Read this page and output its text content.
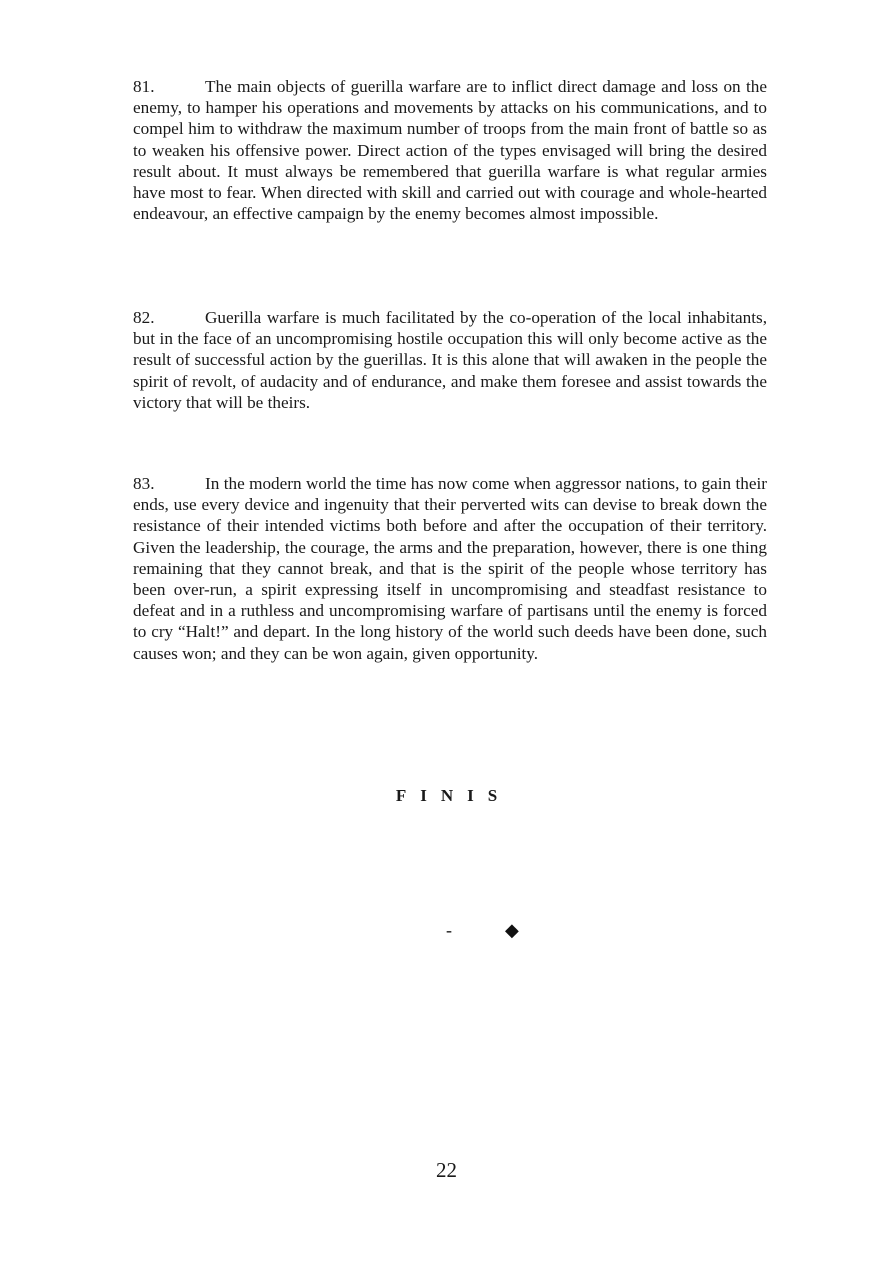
81.	The main objects of guerilla warfare are to inflict direct damage and loss on the enemy, to hamper his operations and movements by attacks on his communications, and to compel him to withdraw the maximum number of troops from the main front of battle so as to weaken his offensive power. Direct action of the types envisaged will bring the desired result about. It must always be remembered that guerilla warfare is what regular armies have most to fear. When directed with skill and carried out with courage and whole-hearted endeavour, an effective campaign by the enemy becomes almost impossible.

82.	Guerilla warfare is much facilitated by the co-operation of the local inhabitants, but in the face of an uncompromising hostile occupation this will only become active as the result of successful action by the guerillas. It is this alone that will awaken in the people the spirit of revolt, of audacity and of endurance, and make them foresee and assist towards the victory that will be theirs.

83.	In the modern world the time has now come when aggressor nations, to gain their ends, use every device and ingenuity that their perverted wits can devise to break down the resistance of their intended victims both before and after the occupation of their territory. Given the leadership, the courage, the arms and the preparation, however, there is one thing remaining that they cannot break, and that is the spirit of the people whose territory has been over-run, a spirit expressing itself in uncompromising and steadfast resistance to defeat and in a ruthless and uncompromising warfare of partisans until the enemy is forced to cry “Halt!” and depart. In the long history of the world such deeds have been done, such causes won; and they can be won again, given opportunity.

FINIS
-	◆
22
